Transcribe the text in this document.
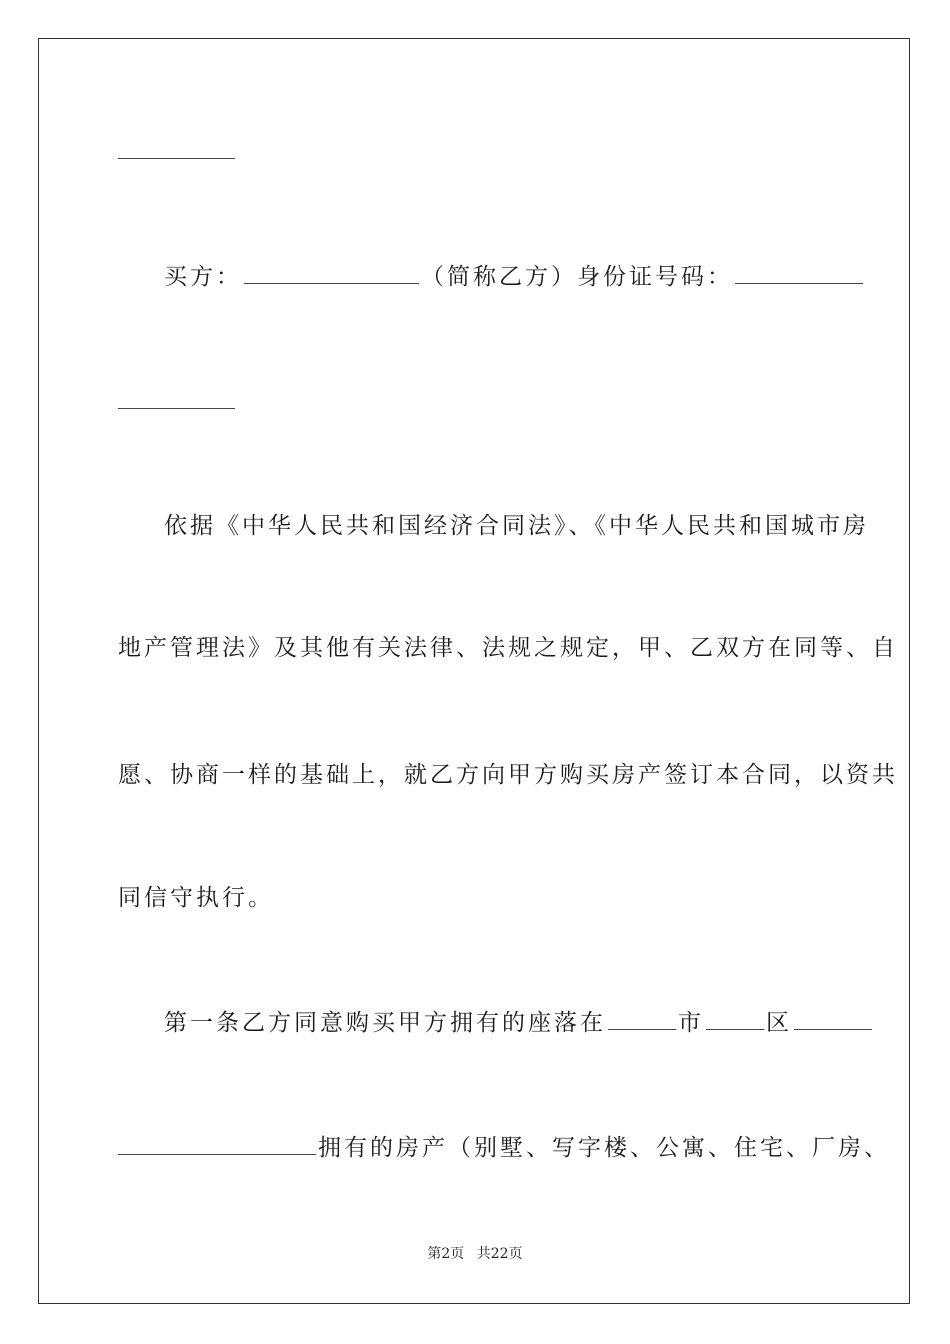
买方：	（简称乙方）身份证号码：
依据《中华人民共和国经济合同法》、《中华人民共和国城市房
地产管理法》及其他有关法律、法规之规定，甲、乙双方在同等、自
愿、协商一样的基础上，就乙方向甲方购买房产签订本合同，以资共
同信守执行。
第一条乙方同意购买甲方拥有的座落在	市	区
拥有的房产（别墅、写字楼、公寓、住宅、厂房、
第2页 共22页
